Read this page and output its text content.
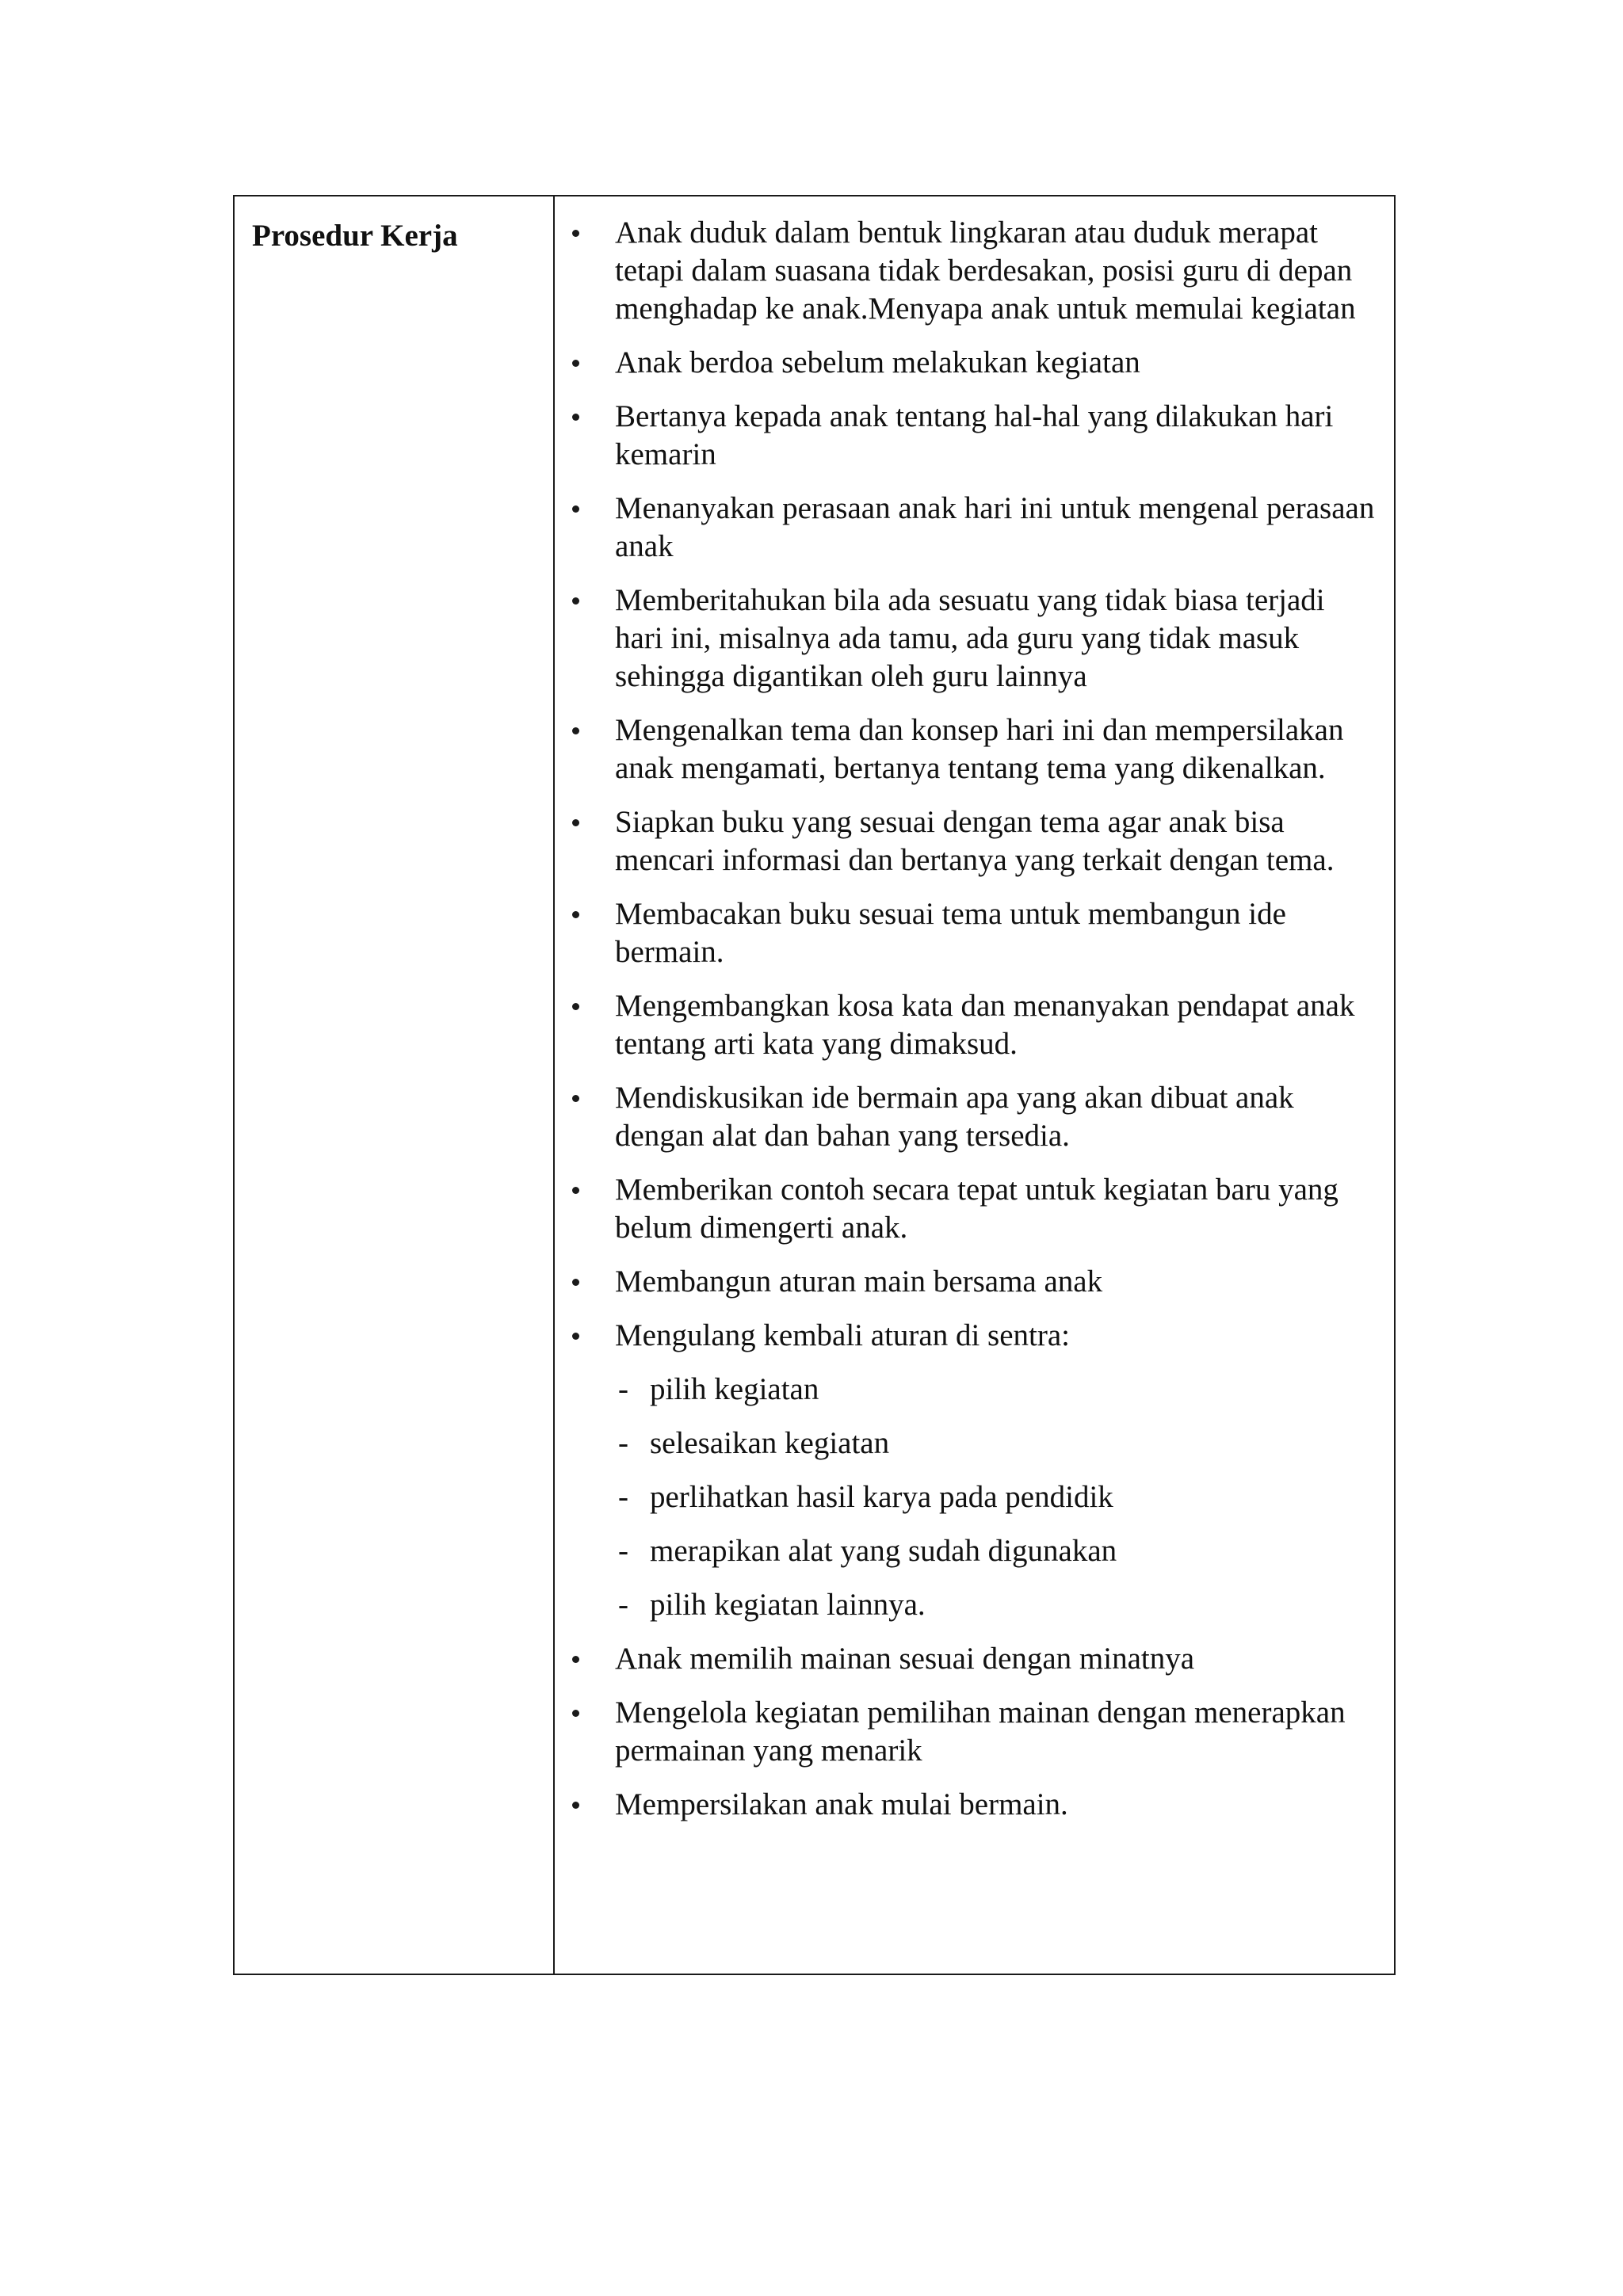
Prosedur Kerja	Anak duduk dalam bentuk lingkaran atau duduk merapat tetapi dalam suasana tidak berdesakan, posisi guru di depan menghadap ke anak.Menyapa anak untuk memulai kegiatan
Anak berdoa sebelum melakukan kegiatan
Bertanya kepada anak tentang hal-hal yang dilakukan hari kemarin
Menanyakan perasaan anak hari ini untuk mengenal perasaan anak
Memberitahukan bila ada sesuatu yang tidak biasa terjadi hari ini, misalnya ada tamu, ada guru yang tidak masuk sehingga digantikan oleh guru lainnya
Mengenalkan tema dan konsep hari ini dan mempersilakan anak mengamati, bertanya tentang tema yang dikenalkan.
Siapkan buku yang sesuai dengan tema agar anak bisa mencari informasi dan bertanya yang terkait dengan tema.
Membacakan buku sesuai tema untuk membangun ide bermain.
Mengembangkan kosa kata dan menanyakan pendapat anak tentang arti kata yang dimaksud.
Mendiskusikan ide bermain apa yang akan dibuat anak dengan alat dan bahan yang tersedia.
Memberikan contoh secara tepat untuk kegiatan baru yang belum dimengerti anak.
Membangun aturan main bersama anak
Mengulang kembali aturan di sentra:
- pilih kegiatan
- selesaikan kegiatan
- perlihatkan hasil karya pada pendidik
- merapikan alat yang sudah digunakan
- pilih kegiatan lainnya.
Anak memilih mainan sesuai dengan minatnya
Mengelola kegiatan pemilihan mainan dengan menerapkan permainan yang menarik
Mempersilakan anak mulai bermain.
